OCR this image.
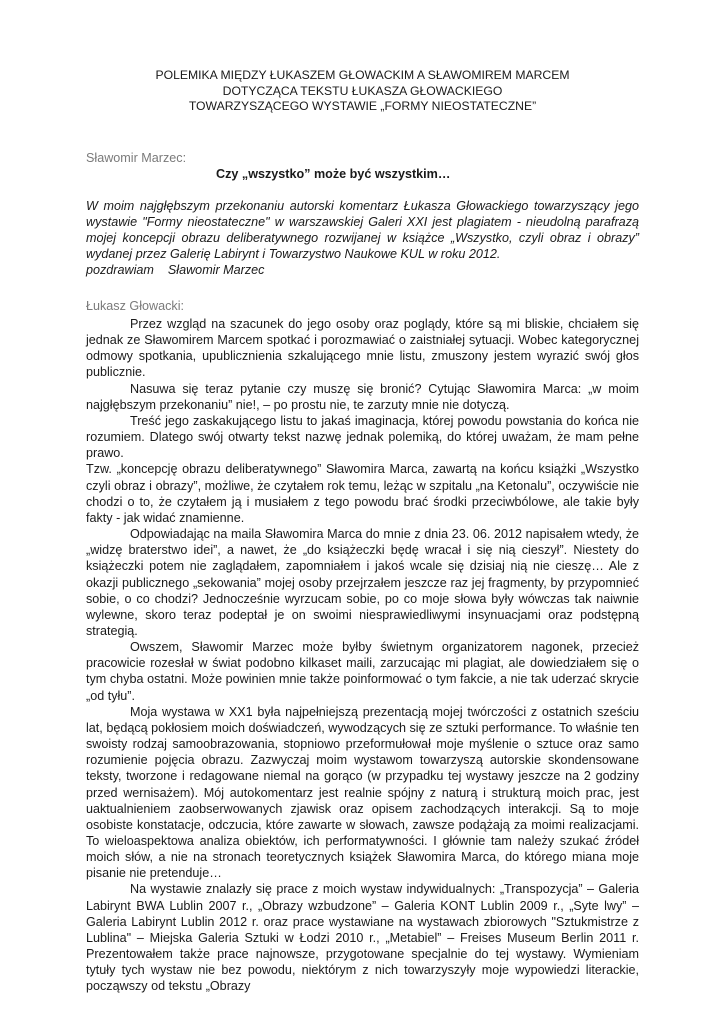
POLEMIKA MIĘDZY ŁUKASZEM GŁOWACKIM A SŁAWOMIREM MARCEM
DOTYCZĄCA TEKSTU ŁUKASZA GŁOWACKIEGO
TOWARZYSZĄCEGO WYSTAWIE „FORMY NIEOSTATECZNE”
Sławomir Marzec:
Czy „wszystko” może być wszystkim…

W moim najgłębszym przekonaniu autorski komentarz Łukasza Głowackiego towarzyszący jego wystawie "Formy nieostateczne" w warszawskiej Galeri XXI jest plagiatem - nieudolną parafrazą mojej koncepcji obrazu deliberatywnego rozwijanej w książce „Wszystko, czyli obraz i obrazy” wydanej przez Galerię Labirynt i Towarzystwo Naukowe KUL w roku 2012.

pozdrawiam    Sławomir Marzec

Łukasz Głowacki:

Przez wzgląd na szacunek do jego osoby oraz poglądy, które są mi bliskie, chciałem się jednak ze Sławomirem Marcem spotkać i porozmawiać o zaistniałej sytuacji. Wobec kategorycznej odmowy spotkania, upublicznienia szkalującego mnie listu, zmuszony jestem wyrazić swój głos publicznie.

Nasuwa się teraz pytanie czy muszę się bronić? Cytując Sławomira Marca: „w moim najgłębszym przekonaniu” nie!, – po prostu nie, te zarzuty mnie nie dotyczą.

Treść jego zaskakującego listu to jakaś imaginacja, której powodu powstania do końca nie rozumiem. Dlatego swój otwarty tekst nazwę jednak polemiką, do której uważam, że mam pełne prawo.

Tzw. „koncepcję obrazu deliberatywnego” Sławomira Marca, zawartą na końcu książki „Wszystko czyli obraz i obrazy”, możliwe, że czytałem rok temu, leżąc w szpitalu „na Ketonalu”, oczywiście nie chodzi o to, że czytałem ją i musiałem z tego powodu brać środki przeciwbólowe, ale takie były fakty - jak widać znamienne.

Odpowiadając na maila Sławomira Marca do mnie z dnia 23. 06. 2012 napisałem wtedy, że „widzę braterstwo idei”, a nawet, że „do książeczki będę wracał i się nią cieszył”. Niestety do książeczki potem nie zaglądałem, zapomniałem i jakoś wcale się dzisiaj nią nie cieszę… Ale z okazji publicznego „sekowania” mojej osoby przejrzałem jeszcze raz jej fragmenty, by przypomnieć sobie, o co chodzi? Jednocześnie wyrzucam sobie, po co moje słowa były wówczas tak naiwnie wylewne, skoro teraz podeptał je on swoimi niesprawiedliwymi insynuacjami oraz podstępną strategią.

Owszem, Sławomir Marzec może byłby świetnym organizatorem nagonek, przecież pracowicie rozesłał w świat podobno kilkaset maili, zarzucając mi plagiat, ale dowiedziałem się o tym chyba ostatni. Może powinien mnie także poinformować o tym fakcie, a nie tak uderzać skrycie „od tyłu”.

Moja wystawa w XX1 była najpełniejszą prezentacją mojej twórczości z ostatnich sześciu lat, będącą pokłosiem moich doświadczeń, wywodzących się ze sztuki performance. To właśnie ten swoisty rodzaj samoobrazowania, stopniowo przeformułował moje myślenie o sztuce oraz samo rozumienie pojęcia obrazu. Zazwyczaj moim wystawom towarzyszą autorskie skondensowane teksty, tworzone i redagowane niemal na gorąco (w przypadku tej wystawy jeszcze na 2 godziny przed wernisażem). Mój autokomentarz jest realnie spójny z naturą i strukturą moich prac, jest uaktualnieniem zaobserwowanych zjawisk oraz opisem zachodzących interakcji. Są to moje osobiste konstatacje, odczucia, które zawarte w słowach, zawsze podążają za moimi realizacjami. To wieloaspektowa analiza obiektów, ich performatywności. I głównie tam należy szukać źródeł moich słów, a nie na stronach teoretycznych książek Sławomira Marca, do którego miana moje pisanie nie pretenduje…

Na wystawie znalazły się prace z moich wystaw indywidualnych: „Transpozycja” – Galeria Labirynt BWA Lublin 2007 r., „Obrazy wzbudzone” – Galeria KONT Lublin 2009 r., „Syte lwy” – Galeria Labirynt Lublin 2012 r. oraz prace wystawiane na wystawach zbiorowych "Sztukmistrze z Lublina" – Miejska Galeria Sztuki w Łodzi 2010 r., „Metabiel” – Freises Museum Berlin 2011 r. Prezentowałem także prace najnowsze, przygotowane specjalnie do tej wystawy. Wymieniam tytuły tych wystaw nie bez powodu, niektórym z nich towarzyszyły moje wypowiedzi literackie, począwszy od tekstu „Obrazy
